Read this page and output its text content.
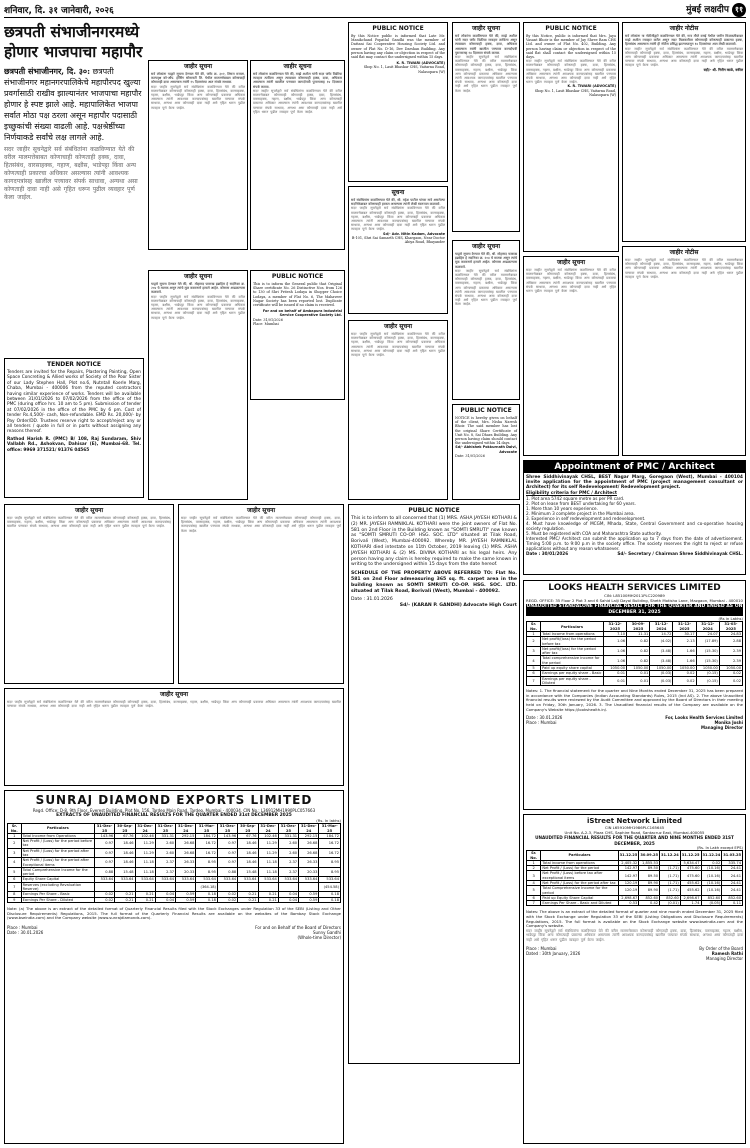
शनिवार, दि. ३१ जानेवारी, २०२६	मुंबई लक्षदीप ११
छत्रपती संभाजीनगरमध्ये होणार भाजपाचा महापौर
छत्रपती संभाजीनगर, दि. ३०: छत्रपती संभाजीनगर महानगरपालिकेचे महापौरपद खुल्या प्रवर्गासाठी राखीव झाल्यानंतर भाजपाचा महापौर होणार हे स्पष्ट झाले आहे. महापालिकेत भाजपा सर्वात मोठा पक्ष ठरला असून महापौर पदासाठी इच्छुकांची संख्या वाढली आहे. पक्षश्रेष्ठींच्या निर्णयाकडे सर्वांचे लक्ष लागले आहे.
सदर जाहीर सूचनेद्वारे सर्व संबंधितांना कळविण्यात येते की वरील मालमत्तेबाबत कोणाचाही कोणताही हक्क, दावा, हितसंबंध, वारसाहक्क, गहाण, बक्षीस, भाडेपट्टा किंवा अन्य कोणत्याही प्रकारचा अधिकार असल्यास त्यांनी आवश्यक कागदपत्रांसह खालील पत्त्यावर संपर्क साधावा, अन्यथा असा कोणताही दावा नाही असे गृहित धरून पुढील व्यवहार पूर्ण केला जाईल.
TENDER NOTICE
Tenders are invited for the Repairs, Plastering Painting, Open Space Concreting & Allied works of Society of the Poor Sister of our Lady Stephen Hall, Plot no.6, Nutntall Koerle Marg, Chaba, Mumbai - 400006 from the reputed contractors having similar experience of works. Tenders will be available between 31/01/2026 to 07/02/2026 from the office of the PMC (during office hrs. 10 am to 5 pm). Submission of tender at 07/02/2026 in the office of the PMC by 6 pm. Cost of tender Rs.4,500/- cash, Non-refundable. EMD Rs. 20,000/- by Pay Order/DD. Trustees reserve right to accept/reject any or all tenders / quote in full or in parts without assigning any reasons thereof.
Rathod Harish R. (PMC) B/ 108, Raj Sundaram, Shiv Vallabh Rd., Ashokvan, Dahisar (E), Mumbai-68. Tel. office: 9969 371521/ 91376 04565
जाहीर सूचना
सर्व लोकांना याद्वारे सूचना देण्यात येते की, फ्लॅट क्र. ३०१, तिसरा मजला, कल्पवृक्ष को-ऑप. हौसिंग सोसायटी लि. येथील मालमत्तेबाबत कोणाचाही कोणताही दावा असल्यास त्यांनी १५ दिवसांच्या आत संपर्क साधावा.
सदर जाहीर सूचनेद्वारे सर्व संबंधितांना कळविण्यात येते की वरील मालमत्तेबाबत कोणाचाही कोणताही हक्क, दावा, हितसंबंध, वारसाहक्क, गहाण, बक्षीस, भाडेपट्टा किंवा अन्य कोणत्याही प्रकारचा अधिकार असल्यास त्यांनी आवश्यक कागदपत्रांसह खालील पत्त्यावर संपर्क साधावा, अन्यथा असा कोणताही दावा नाही असे गृहित धरून पुढील व्यवहार पूर्ण केला जाईल.
जाहीर सूचना
याद्वारे सूचना देण्यात येते की, श्री. मोहम्मद फारूख इब्राहिम हे सदनिका क्र. २०४ चे मालक असून त्यांचे मूळ करारनामे हरवले आहेत. कोणास आढळल्यास कळवावे.
सदर जाहीर सूचनेद्वारे सर्व संबंधितांना कळविण्यात येते की वरील मालमत्तेबाबत कोणाचाही कोणताही हक्क, दावा, हितसंबंध, वारसाहक्क, गहाण, बक्षीस, भाडेपट्टा किंवा अन्य कोणत्याही प्रकारचा अधिकार असल्यास त्यांनी आवश्यक कागदपत्रांसह खालील पत्त्यावर संपर्क साधावा, अन्यथा असा कोणताही दावा नाही असे गृहित धरून पुढील व्यवहार पूर्ण केला जाईल.
जाहीर सूचना
सर्व लोकांना कळविण्यात येते की, माझे अशील यांनी सदर फ्लॅट विक्रीचा व्यवहार ठरविला असून त्याबाबत कोणाचाही हक्क, दावा, अधिकार असल्यास त्यांनी खालील पत्त्यावर कागदोपत्री पुराव्यासह १४ दिवसात संपर्क करावा.
सदर जाहीर सूचनेद्वारे सर्व संबंधितांना कळविण्यात येते की वरील मालमत्तेबाबत कोणाचाही कोणताही हक्क, दावा, हितसंबंध, वारसाहक्क, गहाण, बक्षीस, भाडेपट्टा किंवा अन्य कोणत्याही प्रकारचा अधिकार असल्यास त्यांनी आवश्यक कागदपत्रांसह खालील पत्त्यावर संपर्क साधावा, अन्यथा असा कोणताही दावा नाही असे गृहित धरून पुढील व्यवहार पूर्ण केला जाईल.
PUBLIC NOTICE
This is to inform the General public that Original Share certificate No. 26 Distinctive Nos. from 126 to 130 of Shri Pritesh Lodaya in Shopper Choice Lodaya, a member of Flat No. 6, The Mahaveer Nagar Society has been reported lost. Duplicate certificate will be issued if no claim is received.
For and on behalf of Ambapura Industrial Service Cooperative Society Ltd.
Date: 31/01/2026
Place: Mumbai
PUBLIC NOTICE
By this Notice public is informed that Late Mr. Manikchand Popatlal Gandhi was the member of Dattani Sai Cooperative Housing Society Ltd. and owner of Flat No. D-16, Dev Darshan Building. Any person having any claim or objection in respect of the said flat may contact the undersigned within 15 days.
K. R. TIWARI (ADVOCATE)
Shop No. 1, Lasit Bhaskar CHS, Vaitarna Road, Nalasopara (W)
सूचना
सर्व संबंधितांना कळविण्यात येते की, श्री. महेश पाटील यांच्या नावे असलेल्या सदनिकेबाबत कोणाचाही हरकत असल्यास त्यांनी लेखी स्वरूपात कळवावे.
सदर जाहीर सूचनेद्वारे सर्व संबंधितांना कळविण्यात येते की वरील मालमत्तेबाबत कोणाचाही कोणताही हक्क, दावा, हितसंबंध, वारसाहक्क, गहाण, बक्षीस, भाडेपट्टा किंवा अन्य कोणत्याही प्रकारचा अधिकार असल्यास त्यांनी आवश्यक कागदपत्रांसह खालील पत्त्यावर संपर्क साधावा, अन्यथा असा कोणताही दावा नाही असे गृहित धरून पुढील व्यवहार पूर्ण केला जाईल.
Sd/- Adv. Nitin Kadam, Advocate
B-101, Shri Sai Samarth CHS, Khargaon, Near Doctor Ahiya Road, Bhayander
जाहीर सूचना
सदर जाहीर सूचनेद्वारे सर्व संबंधितांना कळविण्यात येते की वरील मालमत्तेबाबत कोणाचाही कोणताही हक्क, दावा, हितसंबंध, वारसाहक्क, गहाण, बक्षीस, भाडेपट्टा किंवा अन्य कोणत्याही प्रकारचा अधिकार असल्यास त्यांनी आवश्यक कागदपत्रांसह खालील पत्त्यावर संपर्क साधावा, अन्यथा असा कोणताही दावा नाही असे गृहित धरून पुढील व्यवहार पूर्ण केला जाईल.
जाहीर सूचना
सर्व लोकांना कळविण्यात येते की, माझे अशील यांनी सदर फ्लॅट विक्रीचा व्यवहार ठरविला असून त्याबाबत कोणाचाही हक्क, दावा, अधिकार असल्यास त्यांनी खालील पत्त्यावर कागदोपत्री पुराव्यासह १४ दिवसात संपर्क करावा.
सदर जाहीर सूचनेद्वारे सर्व संबंधितांना कळविण्यात येते की वरील मालमत्तेबाबत कोणाचाही कोणताही हक्क, दावा, हितसंबंध, वारसाहक्क, गहाण, बक्षीस, भाडेपट्टा किंवा अन्य कोणत्याही प्रकारचा अधिकार असल्यास त्यांनी आवश्यक कागदपत्रांसह खालील पत्त्यावर संपर्क साधावा, अन्यथा असा कोणताही दावा नाही असे गृहित धरून पुढील व्यवहार पूर्ण केला जाईल.
जाहीर सूचना
याद्वारे सूचना देण्यात येते की, श्री. मोहम्मद फारूख इब्राहिम हे सदनिका क्र. २०४ चे मालक असून त्यांचे मूळ करारनामे हरवले आहेत. कोणास आढळल्यास कळवावे.
सदर जाहीर सूचनेद्वारे सर्व संबंधितांना कळविण्यात येते की वरील मालमत्तेबाबत कोणाचाही कोणताही हक्क, दावा, हितसंबंध, वारसाहक्क, गहाण, बक्षीस, भाडेपट्टा किंवा अन्य कोणत्याही प्रकारचा अधिकार असल्यास त्यांनी आवश्यक कागदपत्रांसह खालील पत्त्यावर संपर्क साधावा, अन्यथा असा कोणताही दावा नाही असे गृहित धरून पुढील व्यवहार पूर्ण केला जाईल.
PUBLIC NOTICE
NOTICE is hereby given on behalf of the client, Mrs. Nisha Naresh Bhoir. The said member has lost the original Share Certificate of Unit No. 8, Sai Dhara Building. Any person having claim should contact the undersigned within 14 days.
Sd/- Abhishek Pokkurnath Dalvi, Advocate
Date: 31/01/2026
PUBLIC NOTICE
By this Notice, public is informed that Mrs. Jaya Vasant Bhoir is the member of Jay Shree Ram CHS Ltd. and owner of Flat No. 402, Building. Any person having claim or objection in respect of the said flat shall contact the undersigned within 15 days.
सदर जाहीर सूचनेद्वारे सर्व संबंधितांना कळविण्यात येते की वरील मालमत्तेबाबत कोणाचाही कोणताही हक्क, दावा, हितसंबंध, वारसाहक्क, गहाण, बक्षीस, भाडेपट्टा किंवा अन्य कोणत्याही प्रकारचा अधिकार असल्यास त्यांनी आवश्यक कागदपत्रांसह खालील पत्त्यावर संपर्क साधावा, अन्यथा असा कोणताही दावा नाही असे गृहित धरून पुढील व्यवहार पूर्ण केला जाईल.
K. R. TIWARI (ADVOCATE)
Shop No. 1, Lasit Bhaskar CHS, Vaitarna Road, Nalasopara (W)
जाहीर सूचना
सदर जाहीर सूचनेद्वारे सर्व संबंधितांना कळविण्यात येते की वरील मालमत्तेबाबत कोणाचाही कोणताही हक्क, दावा, हितसंबंध, वारसाहक्क, गहाण, बक्षीस, भाडेपट्टा किंवा अन्य कोणत्याही प्रकारचा अधिकार असल्यास त्यांनी आवश्यक कागदपत्रांसह खालील पत्त्यावर संपर्क साधावा, अन्यथा असा कोणताही दावा नाही असे गृहित धरून पुढील व्यवहार पूर्ण केला जाईल.
जाहीर नोटीस
सर्व लोकांना या नोटीसीद्वारे कळविण्यात येते की, गाव मौजे वसई येथील जमीन मिळकतीबाबत माझे अशील व्यवहार करीत असून सदर मिळकतीवर कोणाचाही कोणत्याही प्रकारचा हक्क, हितसंबंध असल्यास त्यांनी ही नोटीस प्रसिद्ध झाल्यापासून १४ दिवसांच्या आत लेखी कळवावे.
सदर जाहीर सूचनेद्वारे सर्व संबंधितांना कळविण्यात येते की वरील मालमत्तेबाबत कोणाचाही कोणताही हक्क, दावा, हितसंबंध, वारसाहक्क, गहाण, बक्षीस, भाडेपट्टा किंवा अन्य कोणत्याही प्रकारचा अधिकार असल्यास त्यांनी आवश्यक कागदपत्रांसह खालील पत्त्यावर संपर्क साधावा, अन्यथा असा कोणताही दावा नाही असे गृहित धरून पुढील व्यवहार पूर्ण केला जाईल.
सही/- श्री. नितीन काळे, वकील
जाहीर नोटीस
सदर जाहीर सूचनेद्वारे सर्व संबंधितांना कळविण्यात येते की वरील मालमत्तेबाबत कोणाचाही कोणताही हक्क, दावा, हितसंबंध, वारसाहक्क, गहाण, बक्षीस, भाडेपट्टा किंवा अन्य कोणत्याही प्रकारचा अधिकार असल्यास त्यांनी आवश्यक कागदपत्रांसह खालील पत्त्यावर संपर्क साधावा, अन्यथा असा कोणताही दावा नाही असे गृहित धरून पुढील व्यवहार पूर्ण केला जाईल.
Appointment of PMC / Architect
Shree Siddhivinayak CHSL, BEST Nagar Marg, Goregaon (West), Mumbai - 400104 invite application for the appointment of PMC (project management consultant or Architect) for its self Redevelopment/ Redevelopment project.
Eligibility criteria for PMC / Architect
1. Plot area 5742 square metre as per PR card.
2. Plot on lease from BEST undertaking for 60 years.
1. More than 10 years experience.
2. Minimum 3 complete project in the Mumbai area.
3. Experience in self redevelopment and redevelopment.
4. Must have knowledge of MCGM, Mhada, State, Central Government and co-operative housing society regulation.
5. Must be registered with COA and Maharashtra State authority.
Interested PMC/ Architect can submit the application up to 7 days from the date of advertisement. Timing 5:00 p.m. to 9:00 p.m in the society office. The society reserves the right to reject or refuse applications without any reason whatsoever.
Date : 30/01/2026	Sd/- Secretary / Chairman Shree Siddhivinayak CHSL.
PUBLIC NOTICE
This is to inform to all concerned that (1) MRS. ASHA JAYESH KOTHARI & (2) MR. JAYESH RAMNIKLAL KOTHARI were the joint owners of Flat No. 581 on 2nd Floor in the Building known as "SOMTI SMRUTI" now known as "SOMTI SMRUTI CO-OP. HSG. SOC. LTD" situated at Tilak Road, Borivali (West), Mumbai-400092. Whereby MR. JAYESH RAMNIKLAL KOTHARI died intestate on 11th October, 2019 leaving (1) MRS. ASHA JAYESH KOTHARI & (2) MS. DIVINA KOTHARI as his legal heirs. Any person having any claim is hereby required to make the same known in writing to the undersigned within 15 days from the date hereof.
SCHEDULE OF THE PROPERTY ABOVE REFERRED TO: Flat No. 581 on 2nd Floor admeasuring 365 sq. ft. carpet area in the building known as SOMTI SMRUTI CO-OP. HSG. SOC. LTD. situated at Tilak Road, Borivali (West), Mumbai - 400092.
Date : 31.01.2026
Sd/- (KARAN P. GANDHI) Advocate High Court
जाहीर सूचना
सदर जाहीर सूचनेद्वारे सर्व संबंधितांना कळविण्यात येते की वरील मालमत्तेबाबत कोणाचाही कोणताही हक्क, दावा, हितसंबंध, वारसाहक्क, गहाण, बक्षीस, भाडेपट्टा किंवा अन्य कोणत्याही प्रकारचा अधिकार असल्यास त्यांनी आवश्यक कागदपत्रांसह खालील पत्त्यावर संपर्क साधावा, अन्यथा असा कोणताही दावा नाही असे गृहित धरून पुढील व्यवहार पूर्ण केला जाईल.
जाहीर सूचना
सदर जाहीर सूचनेद्वारे सर्व संबंधितांना कळविण्यात येते की वरील मालमत्तेबाबत कोणाचाही कोणताही हक्क, दावा, हितसंबंध, वारसाहक्क, गहाण, बक्षीस, भाडेपट्टा किंवा अन्य कोणत्याही प्रकारचा अधिकार असल्यास त्यांनी आवश्यक कागदपत्रांसह खालील पत्त्यावर संपर्क साधावा, अन्यथा असा कोणताही दावा नाही असे गृहित धरून पुढील व्यवहार पूर्ण केला जाईल.
जाहीर सूचना
सदर जाहीर सूचनेद्वारे सर्व संबंधितांना कळविण्यात येते की वरील मालमत्तेबाबत कोणाचाही कोणताही हक्क, दावा, हितसंबंध, वारसाहक्क, गहाण, बक्षीस, भाडेपट्टा किंवा अन्य कोणत्याही प्रकारचा अधिकार असल्यास त्यांनी आवश्यक कागदपत्रांसह खालील पत्त्यावर संपर्क साधावा, अन्यथा असा कोणताही दावा नाही असे गृहित धरून पुढील व्यवहार पूर्ण केला जाईल.
SUNRAJ DIAMOND EXPORTS LIMITED
Regd. Office: D-8, 9th Floor, Everest Building, Plot No. 156, Tardeo Main Road, Tardeo, Mumbai - 400034. CIN No.: L36912MH1990PLC057663
EXTRACTS OF UNAUDITED FINANCIAL RESULTS FOR THE QUARTER ENDED 31st DECEMBER 2025
(Rs. In lakhs)
Sr. No.	Particulars	31-Dec-25	30-Sep-25	31-Dec-24	31-Dec-25	31-Dec-24	31-Mar-25	31-Dec-25	30-Sep-25	31-Dec-24	31-Dec-25	31-Dec-24	31-Mar-25
1	Total Income from Operations	143.96	67.76	102.46	331.31	292.15	184.72	143.96	67.76	102.46	331.31	292.15	184.72
2	Net Profit / (Loss) for the period before tax	0.97	18.46	11.29	2.60	26.68	16.72	0.97	18.46	11.29	2.60	26.68	16.72
3	Net Profit / (Loss) for the period after tax	0.97	18.46	11.29	2.60	26.68	16.72	0.97	18.46	11.29	2.60	26.68	16.72
4	Net Profit / (Loss) for the period after Exceptional items	0.97	18.46	11.18	2.37	26.33	8.95	0.97	18.46	11.18	2.37	26.33	8.95
5	Total Comprehensive Income for the period	0.88	15.48	11.18	2.37	20.33	8.95	0.88	15.48	11.18	2.37	20.33	8.95
6	Equity Share Capital	533.64	533.64	533.64	533.64	533.64	533.64	533.64	533.64	533.64	533.64	533.64	533.64
7	Reserves (excluding Revaluation Reserve)						(364.18)						(454.58)
8	Earnings Per Share - Basic	0.02	0.21	0.21	0.04	0.59	0.18	0.02	0.21	0.21	0.04	0.59	0.18
9	Earnings Per Share - Diluted	0.02	0.21	0.21	0.04	0.59	0.18	0.02	0.21	0.21	0.04	0.59	0.18
Note: (a) The above is an extract of the detailed format of Quarterly Financial Results filed with the Stock Exchanges under Regulation 33 of the SEBI (Listing and Other Disclosure Requirements) Regulations, 2015. The full format of the Quarterly Financial Results are available on the websites of the Bombay Stock Exchange (www.bseindia.com) and the Company website (www.sunrajdiamonds.com).
Place : Mumbai
Date : 30.01.2026
For and on Behalf of the Board of Directors
Sunny Gandhi
(Whole-time Director)
LOOKS HEALTH SERVICES LIMITED
CIN: L85100MH2011PLC220989
REGD. OFFICE: 35 Floor 2 Plot 3 and 6 Sahid Lalji Dayal Building, Sheth Motisha Lane, Mazgaon, Mumbai - 400010
UNAUDITED STANDALONE FINANCIAL RESULT FOR THE QUARTER AND ENDED AS ON DECEMBER 31, 2025
(Rs in Lakhs)
Sr. No.	Particulars	31-12-2025	30-09-2025	31-12-2024	31-12-2025	31-12-2024	31-03-2025
1	Total Income from operations	7.10	11.31	14.72	30.17	24.07	24.83
2	Net profit/(loss) for the period before tax	1.06	0.82	(4.02)	2.13	(17.89)	2.88
3	Net profit/(loss) for the period after tax	1.06	0.82	(3.48)	1.66	(15.30)	2.39
4	Total comprehensive income for the period	1.06	0.82	(3.48)	1.66	(15.30)	2.39
5	Paid up equity share capital	1050.00	1050.00	1050.00	1050.00	1050.00	1050.00
6	Earnings per equity share - Basic	0.01	0.01	(0.03)	0.02	(0.15)	0.02
7	Earnings per equity share - Diluted	0.01	0.01	(0.03)	0.02	(0.15)	0.02
Notes: 1. The financial statement for the quarter and Nine Months ended December 31, 2025 has been prepared in accordance with the Companies (Indian Accounting Standards) Rules, 2015 (Ind AS). 2. The above Unaudited financial results were reviewed by the Audit Committee and approved by the Board of Directors in their meeting held on Friday, 30th January, 2026. 3. The Unaudited financial results of the Company are available on the Company's Website https://lookshealth.in/.
Date : 30.01.2026
Place : Mumbai
For, Looks Health Services Limited
Monika Joshi
Managing Director
iStreet Network Limited
CIN L65910MH1986PLC165645
Unit No. A-2-3, Plaza CHS, Saphire Road, Santacruz East, Mumbai-400055
UNAUDITED FINANCIAL RESULTS FOR THE QUARTER AND NINE MONTHS ENDED 31ST DECEMBER, 2025
(Rs. In Lakh except EPS)
Sr. No.	Particulars	31.12.25	30.09.25	31.12.24	31.12.25	31.12.24	31.03.25
1	Total income from operations	2,405.32	1,855.53	-	5,634.47	0.02	335.74
2	Net Profit / (Loss) for the period	142.97	89.50	(1.71)	475.60	(10.16)	24.41
3	Net Profit / (Loss) before tax after exceptional items	142.97	89.50	(1.71)	475.60	(10.16)	24.41
4	Net Profit / (Loss) for the period after tax	120.19	89.90	(1.71)	455.62	(10.16)	24.41
5	Total Comprehensive Income for the period	120.19	89.90	(1.71)	455.62	(10.16)	24.41
6	Paid up Equity Share Capital	2,698.67	852.60	852.60	2,698.67	852.60	852.60
7	Earnings Per Share - Basic and Diluted	0.53	0.42	(0.01)	1.74	(0.05)	0.11
Notes: The above is an extract of the detailed format of quarter and nine month ended December 31, 2025 filed with the Stock Exchange under Regulation 33 of the SEBI (Listing Obligations and Disclosure Requirements) Regulations, 2015. The full format is available on the Stock Exchange website www.bseindia.com and the Company's website.
सदर जाहीर सूचनेद्वारे सर्व संबंधितांना कळविण्यात येते की वरील मालमत्तेबाबत कोणाचाही कोणताही हक्क, दावा, हितसंबंध, वारसाहक्क, गहाण, बक्षीस, भाडेपट्टा किंवा अन्य कोणत्याही प्रकारचा अधिकार असल्यास त्यांनी आवश्यक कागदपत्रांसह खालील पत्त्यावर संपर्क साधावा, अन्यथा असा कोणताही दावा नाही असे गृहित धरून पुढील व्यवहार पूर्ण केला जाईल.
Place : Mumbai
Dated : 30th January, 2026
By Order of the Board
Ramesh Rathi
Managing Director
